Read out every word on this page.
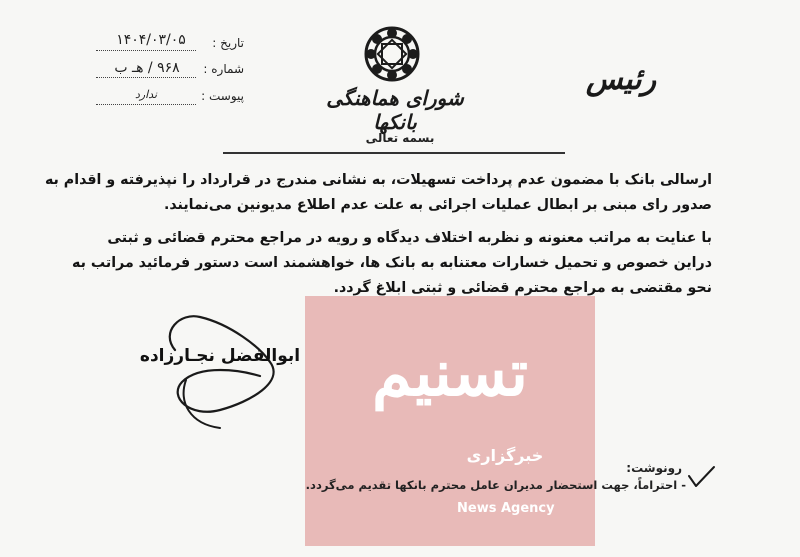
تاریخ :
۱۴۰۴/۰۳/۰۵
شماره :
۹۶۸ / هـ ب
پیوست :
ندارد	شورای هماهنگی بانکها
رئیس
بسمه تعالی
ارسالی بانک با مضمون عدم پرداخت تسهیلات، به نشانی مندرج در قرارداد را نپذیرفته و اقدام به
صدور رای مبنی بر ابطال عملیات اجرائی به علت عدم اطلاع مدیونین می‌نمایند.
با عنایت به مراتب معنونه و نظربه اختلاف دیدگاه و رویه در مراجع محترم قضائی و ثبتی
دراین خصوص و تحمیل خسارات معتنابه به بانک ها، خواهشمند است دستور فرمائید مراتب به
نحو مقتضی به مراجع محترم قضائی و ثبتی ابلاغ گردد.
تسنیم
خبرگزاری
News Agency
ابوالفضل نجـارزاده
رونوشت:
- احتراماً، جهت استحضار مدیران عامل محترم بانکها تقدیم می‌گردد.
